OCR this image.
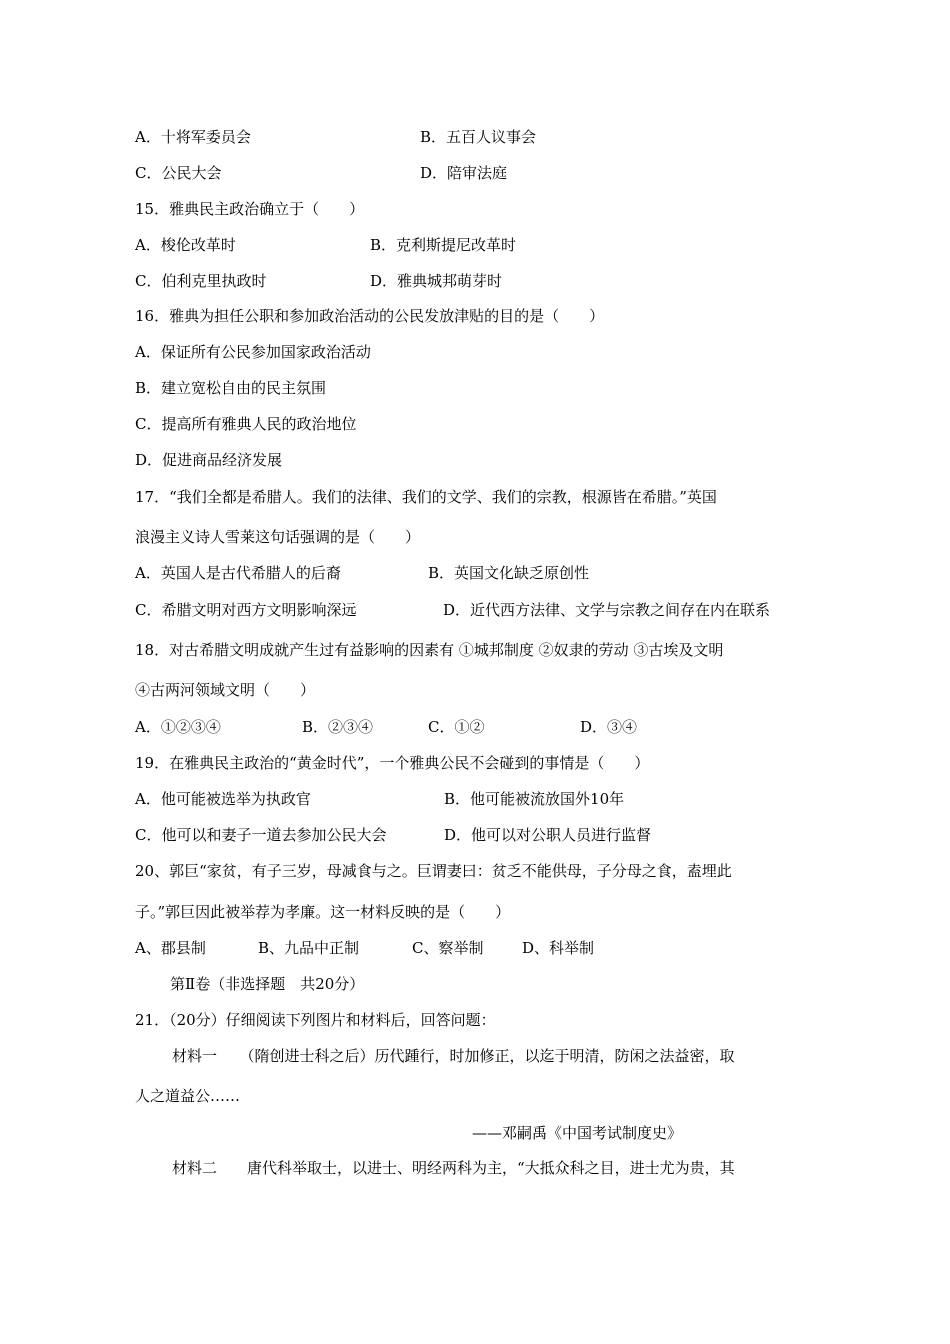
A．十将军委员会	B．五百人议事会
C．公民大会	D．陪审法庭
15．雅典民主政治确立于（　　）
A．梭伦改革时	B．克利斯提尼改革时
C．伯利克里执政时	D．雅典城邦萌芽时
16．雅典为担任公职和参加政治活动的公民发放津贴的目的是（　　）
A．保证所有公民参加国家政治活动
B．建立宽松自由的民主氛围
C．提高所有雅典人民的政治地位
D．促进商品经济发展
17．“我们全都是希腊人。我们的法律、我们的文学、我们的宗教，根源皆在希腊。”英国
浪漫主义诗人雪莱这句话强调的是（　　）
A．英国人是古代希腊人的后裔	B．英国文化缺乏原创性
C．希腊文明对西方文明影响深远	D．近代西方法律、文学与宗教之间存在内在联系
18．对古希腊文明成就产生过有益影响的因素有 ①城邦制度 ②奴隶的劳动 ③古埃及文明
④古两河领域文明（　　）
A．①②③④	B．②③④	C．①②	D．③④
19．在雅典民主政治的“黄金时代”，一个雅典公民不会碰到的事情是（　　）
A．他可能被选举为执政官	B．他可能被流放国外10年
C．他可以和妻子一道去参加公民大会	D．他可以对公职人员进行监督
20、郭巨“家贫，有子三岁，母减食与之。巨谓妻曰：贫乏不能供母，子分母之食，盍埋此
子。”郭巨因此被举荐为孝廉。这一材料反映的是（　　）
A、郡县制	B、九品中正制	C、察举制	D、科举制
第Ⅱ卷（非选择题　共20分）
21．（20分）仔细阅读下列图片和材料后，回答问题：
材料一　　（隋创进士科之后）历代踵行，时加修正，以迄于明清，防闲之法益密，取
人之道益公……
——邓嗣禹《中国考试制度史》
材料二　　唐代科举取士，以进士、明经两科为主，“大抵众科之目，进士尤为贵，其
